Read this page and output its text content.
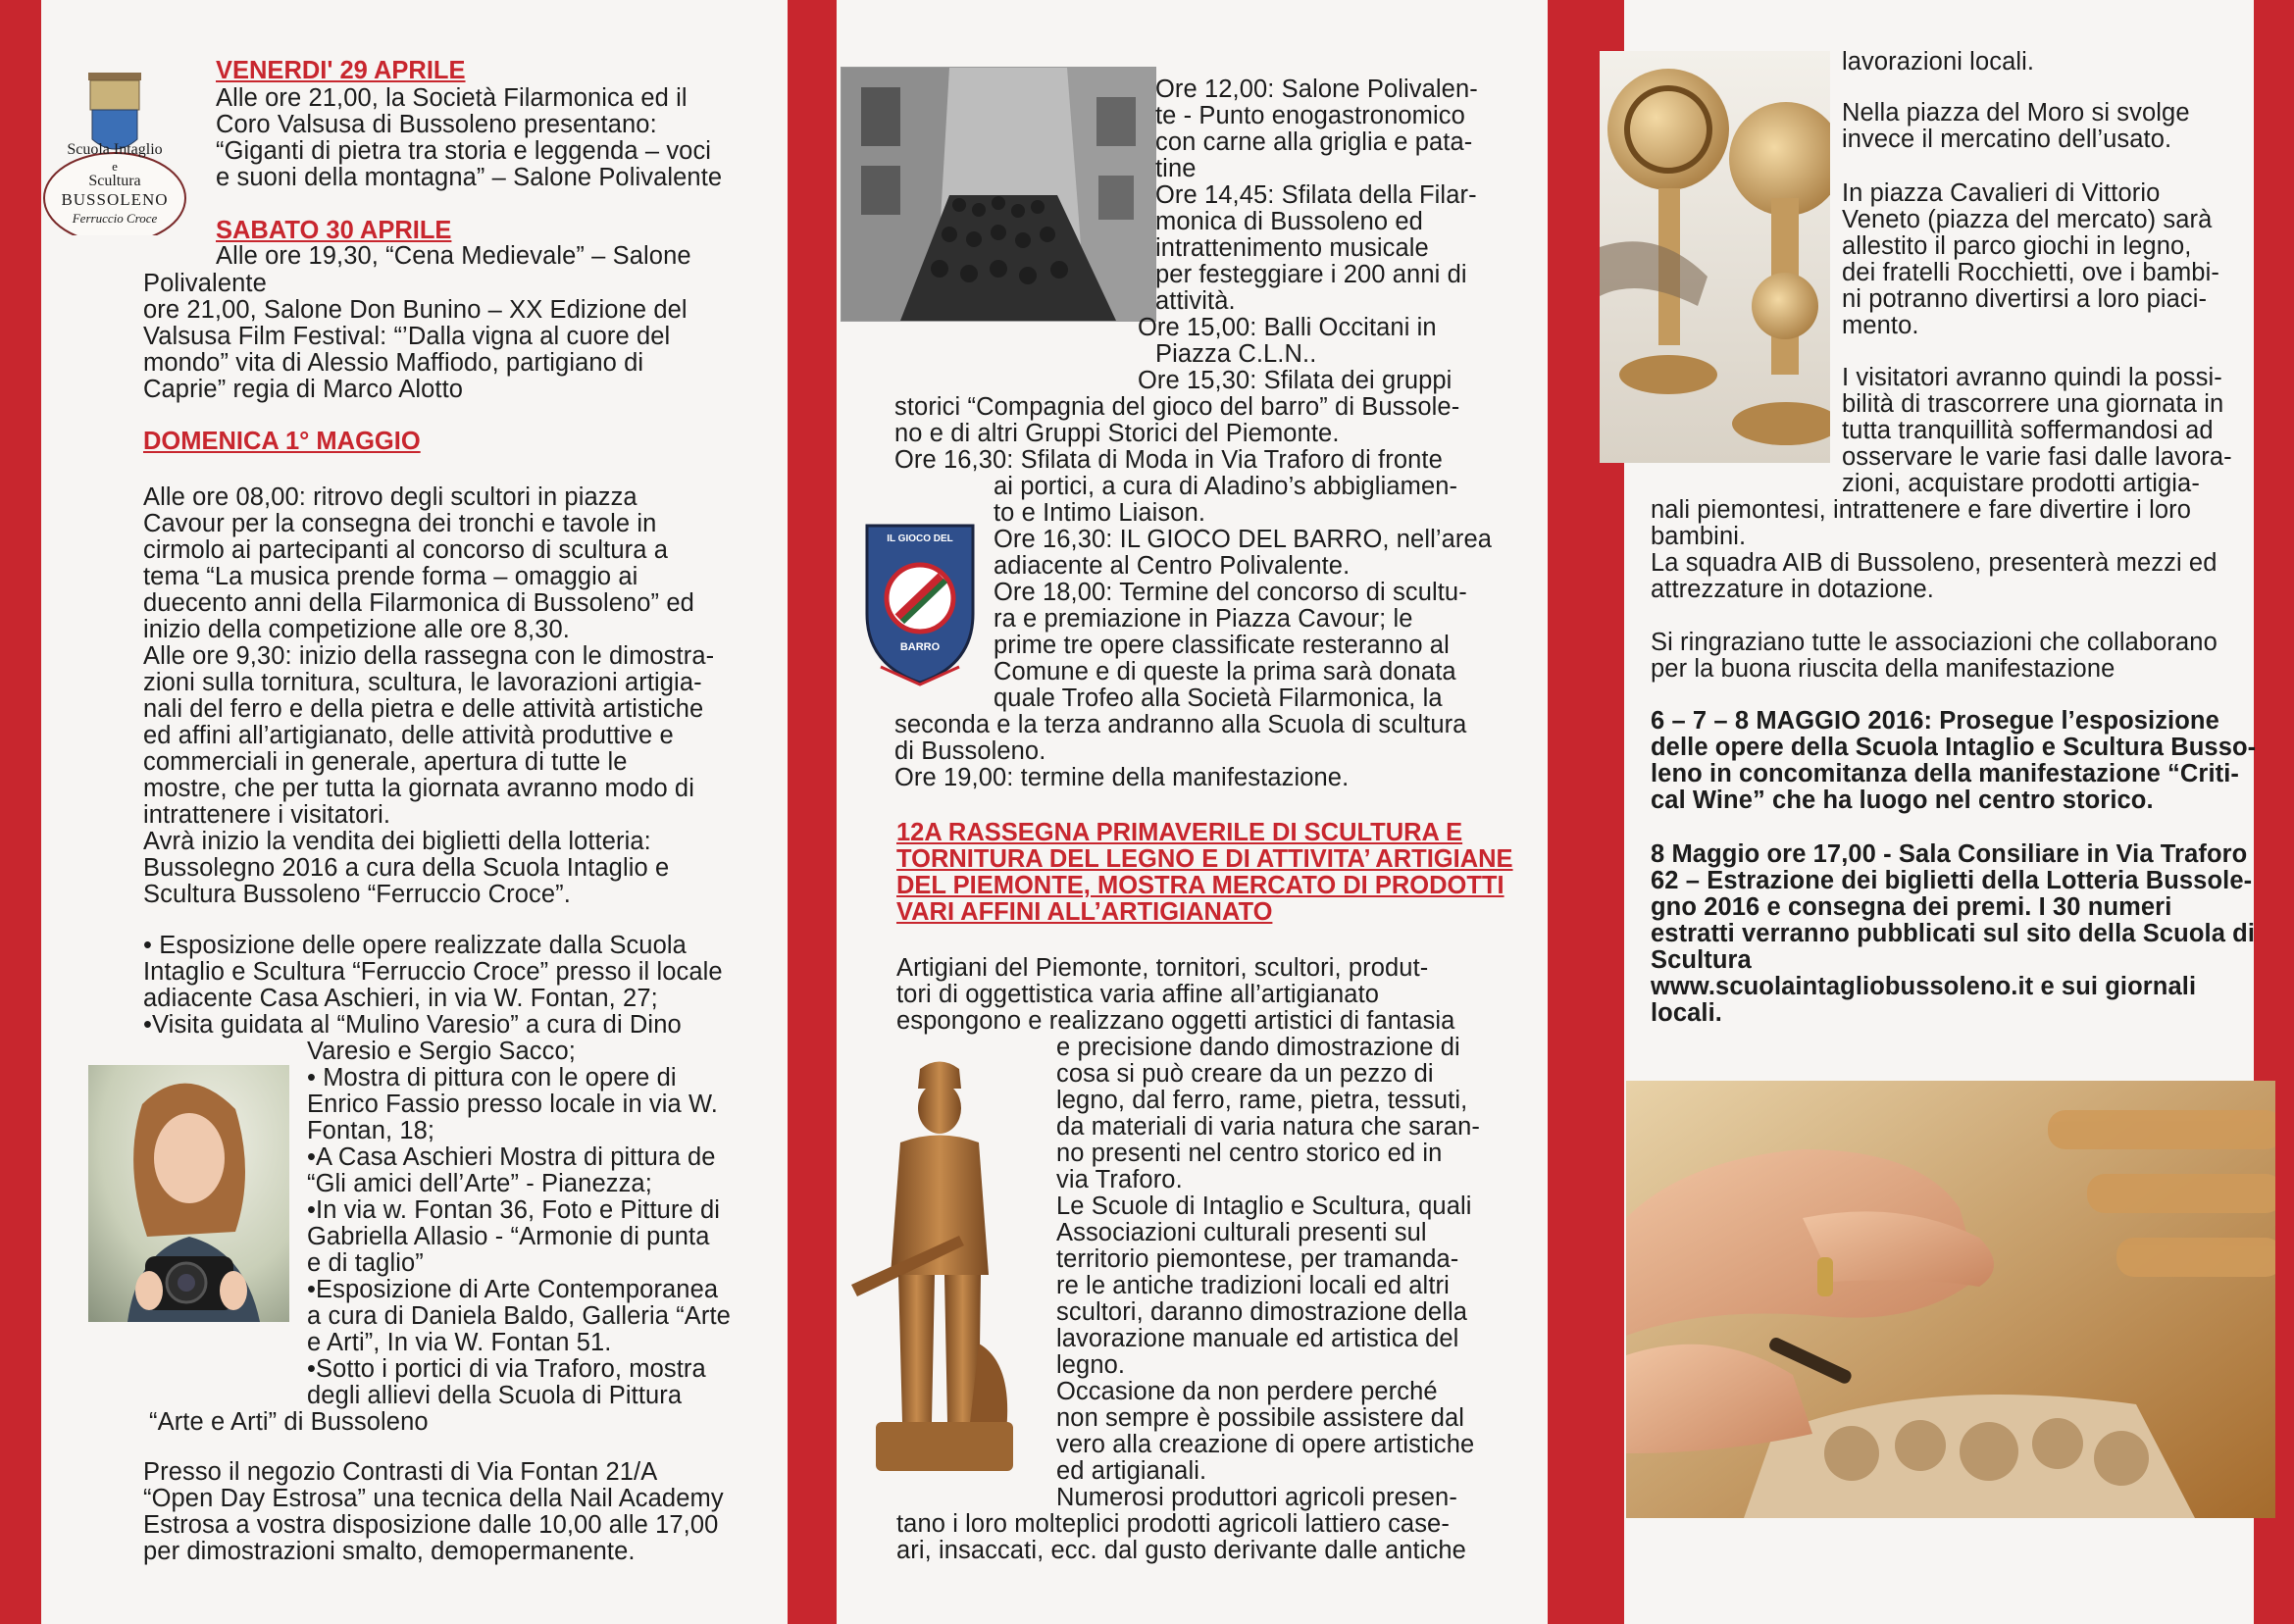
Scuola Intaglio
e
Scultura
BUSSOLENO
Ferruccio Croce
VENERDI' 29 APRILE
Alle ore 21,00, la Società Filarmonica ed il
Coro Valsusa di Bussoleno presentano:
“Giganti di pietra tra storia e leggenda – voci
e suoni della montagna” – Salone Polivalente
SABATO 30 APRILE
Alle ore 19,30, “Cena Medievale” – Salone
Polivalente
ore 21,00, Salone Don Bunino – XX Edizione del
Valsusa Film Festival: “’Dalla vigna al cuore del
mondo” vita di Alessio Maffiodo, partigiano di
Caprie” regia di Marco Alotto
DOMENICA 1° MAGGIO
Alle ore 08,00: ritrovo degli scultori in piazza
Cavour per la consegna dei tronchi e tavole in
cirmolo ai partecipanti al concorso di scultura a
tema “La musica prende forma – omaggio ai
duecento anni della Filarmonica di Bussoleno” ed
inizio della competizione alle ore 8,30.
Alle ore 9,30: inizio della rassegna con le dimostra-
zioni sulla tornitura, scultura, le lavorazioni artigia-
nali del ferro e della pietra e delle attività artistiche
ed affini all’artigianato, delle attività produttive e
commerciali in generale, apertura di tutte le
mostre, che per tutta la giornata avranno modo di
intrattenere i visitatori.
Avrà inizio la vendita dei biglietti della lotteria:
Bussolegno 2016 a cura della Scuola Intaglio e
Scultura Bussoleno “Ferruccio Croce”.
• Esposizione delle opere realizzate dalla Scuola
Intaglio e Scultura “Ferruccio Croce” presso il locale
adiacente Casa Aschieri, in via W. Fontan, 27;
•Visita guidata al “Mulino Varesio” a cura di Dino
Varesio e Sergio Sacco;
• Mostra di pittura con le opere di
Enrico Fassio presso locale in via W.
Fontan, 18;
•A Casa Aschieri Mostra di pittura de
“Gli amici dell’Arte” - Pianezza;
•In via w. Fontan 36, Foto e Pitture di
Gabriella Allasio - “Armonie di punta
e di taglio”
•Esposizione di Arte Contemporanea
a cura di Daniela Baldo, Galleria “Arte
e Arti”, In via W. Fontan 51.
•Sotto i portici di via Traforo, mostra
degli allievi della Scuola di Pittura
“Arte e Arti” di Bussoleno
Presso il negozio Contrasti di Via Fontan 21/A
“Open Day Estrosa” una tecnica della Nail Academy
Estrosa a vostra disposizione dalle 10,00 alle 17,00
per dimostrazioni smalto, demopermanente.
Ore 12,00: Salone Polivalen-
te - Punto enogastronomico
con carne alla griglia e pata-
tine
Ore 14,45: Sfilata della Filar-
monica di Bussoleno ed
intrattenimento musicale
per festeggiare i 200 anni di
attività.
Ore 15,00: Balli Occitani in
Piazza C.L.N..
Ore 15,30: Sfilata dei gruppi
storici “Compagnia del gioco del barro” di Bussole-
no e di altri Gruppi Storici del Piemonte.
Ore 16,30: Sfilata di Moda in Via Traforo di fronte
ai portici, a cura di Aladino’s abbigliamen-
to e Intimo Liaison.
Ore 16,30: IL GIOCO DEL BARRO, nell’area
adiacente al Centro Polivalente.
Ore 18,00: Termine del concorso di scultu-
ra e premiazione in Piazza Cavour; le
prime tre opere classificate resteranno al
Comune e di queste la prima sarà donata
quale Trofeo alla Società Filarmonica, la
seconda e la terza andranno alla Scuola di scultura
di Bussoleno.
Ore 19,00: termine della manifestazione.
IL GIOCO DEL
BARRO
12A RASSEGNA PRIMAVERILE DI SCULTURA E
TORNITURA DEL LEGNO E DI ATTIVITA’ ARTIGIANE
DEL PIEMONTE, MOSTRA MERCATO DI PRODOTTI
VARI AFFINI ALL’ARTIGIANATO
Artigiani del Piemonte, tornitori, scultori, produt-
tori di oggettistica varia affine all’artigianato
espongono e realizzano oggetti artistici di fantasia
e precisione dando dimostrazione di
cosa si può creare da un pezzo di
legno, dal ferro, rame, pietra, tessuti,
da materiali di varia natura che saran-
no presenti nel centro storico ed in
via Traforo.
Le Scuole di Intaglio e Scultura, quali
Associazioni culturali presenti sul
territorio piemontese, per tramanda-
re le antiche tradizioni locali ed altri
scultori, daranno dimostrazione della
lavorazione manuale ed artistica del
legno.
Occasione da non perdere perché
non sempre è possibile assistere dal
vero alla creazione di opere artistiche
ed artigianali.
Numerosi produttori agricoli presen-
tano i loro molteplici prodotti agricoli lattiero case-
ari, insaccati, ecc. dal gusto derivante dalle antiche
lavorazioni locali.
Nella piazza del Moro si svolge
invece il mercatino dell’usato.
In piazza Cavalieri di Vittorio
Veneto (piazza del mercato) sarà
allestito il parco giochi in legno,
dei fratelli Rocchietti, ove i bambi-
ni potranno divertirsi a loro piaci-
mento.
I visitatori avranno quindi la possi-
bilità di trascorrere una giornata in
tutta tranquillità soffermandosi ad
osservare le varie fasi dalle lavora-
zioni, acquistare prodotti artigia-
nali piemontesi, intrattenere e fare divertire i loro
bambini.
La squadra AIB di Bussoleno, presenterà mezzi ed
attrezzature in dotazione.
Si ringraziano tutte le associazioni che collaborano
per la buona riuscita della manifestazione
6 – 7 – 8 MAGGIO 2016: Prosegue l’esposizione
delle opere della Scuola Intaglio e Scultura Busso-
leno in concomitanza della manifestazione “Criti-
cal Wine” che ha luogo nel centro storico.
8 Maggio ore 17,00 - Sala Consiliare in Via Traforo
62 – Estrazione dei biglietti della Lotteria Bussole-
gno 2016 e consegna dei premi. I 30 numeri
estratti verranno pubblicati sul sito della Scuola di
Scultura
www.scuolaintagliobussoleno.it e sui giornali
locali.
